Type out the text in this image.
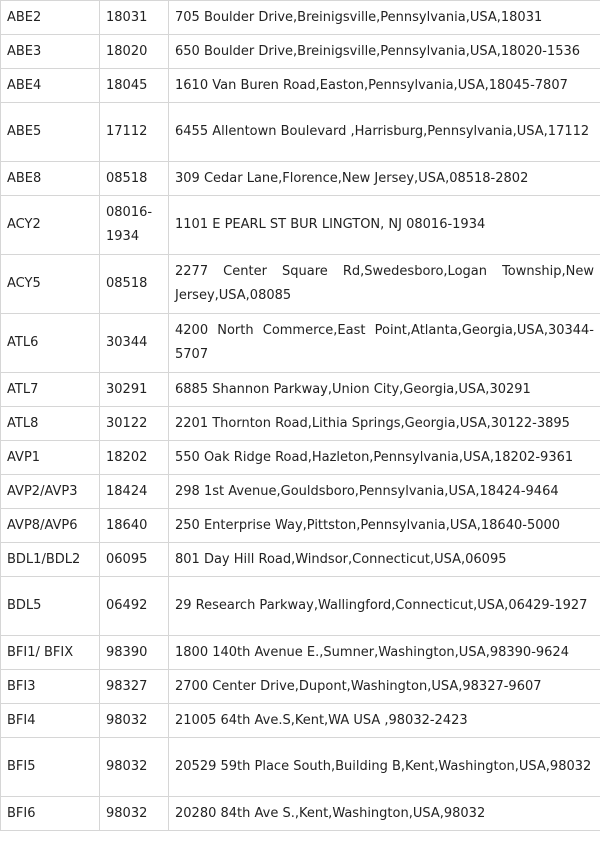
ABE2	18031	705 Boulder Drive,Breinigsville,Pennsylvania,USA,18031
ABE3	18020	650 Boulder Drive,Breinigsville,Pennsylvania,USA,18020-1536
ABE4	18045	1610 Van Buren Road,Easton,Pennsylvania,USA,18045-7807
ABE5	17112	6455 Allentown Boulevard ,Harrisburg,Pennsylvania,USA,17112
ABE8	08518	309 Cedar Lane,Florence,New Jersey,USA,08518-2802
ACY2	08016-1934	1101 E PEARL ST BUR LINGTON, NJ 08016-1934
ACY5	08518	2277 Center Square Rd,Swedesboro,Logan Township,New Jersey,USA,08085
ATL6	30344	4200 North Commerce,East Point,Atlanta,Georgia,USA,30344-5707
ATL7	30291	6885 Shannon Parkway,Union City,Georgia,USA,30291
ATL8	30122	2201 Thornton Road,Lithia Springs,Georgia,USA,30122-3895
AVP1	18202	550 Oak Ridge Road,Hazleton,Pennsylvania,USA,18202-9361
AVP2/AVP3	18424	298 1st Avenue,Gouldsboro,Pennsylvania,USA,18424-9464
AVP8/AVP6	18640	250 Enterprise Way,Pittston,Pennsylvania,USA,18640-5000
BDL1/BDL2	06095	801 Day Hill Road,Windsor,Connecticut,USA,06095
BDL5	06492	29 Research Parkway,Wallingford,Connecticut,USA,06429-1927
BFI1/ BFIX	98390	1800 140th Avenue E.,Sumner,Washington,USA,98390-9624
BFI3	98327	2700 Center Drive,Dupont,Washington,USA,98327-9607
BFI4	98032	21005 64th Ave.S,Kent,WA USA ,98032-2423
BFI5	98032	20529 59th Place South,Building B,Kent,Washington,USA,98032
BFI6	98032	20280 84th Ave S.,Kent,Washington,USA,98032
